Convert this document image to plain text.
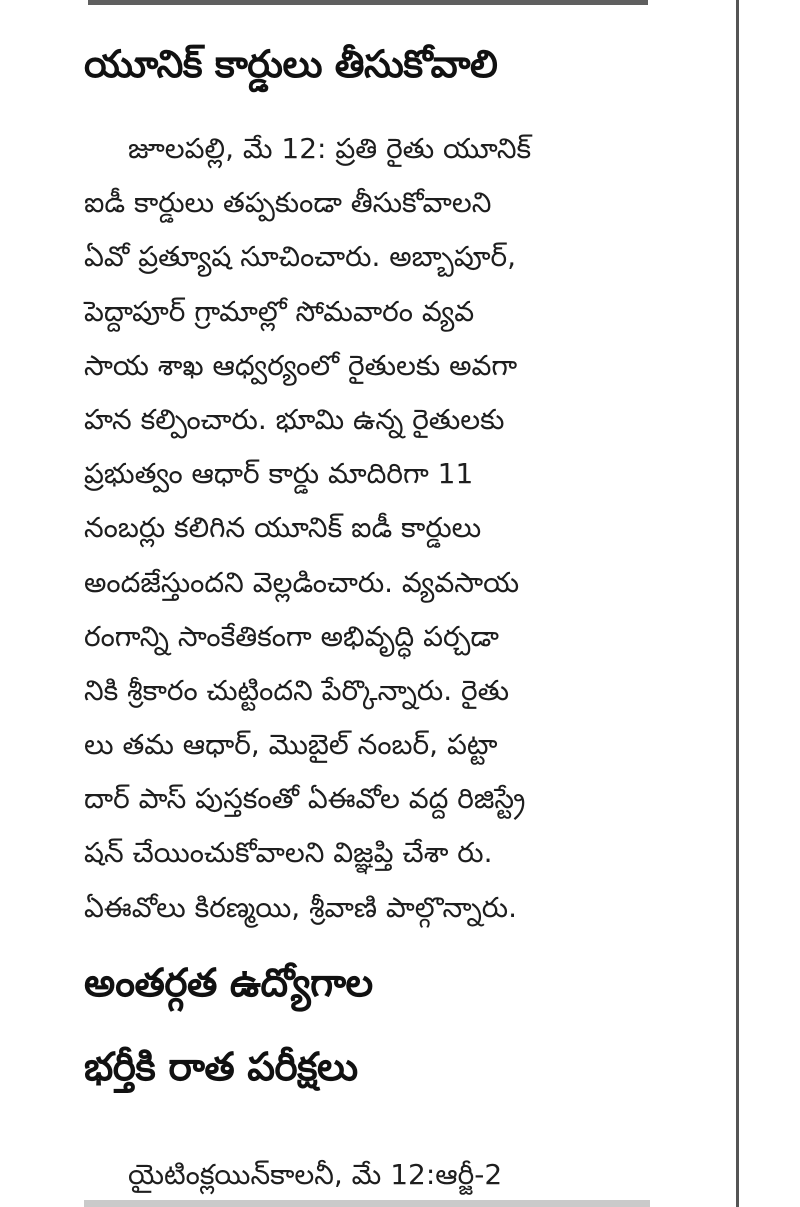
యూనిక్ కార్డులు తీసుకోవాలి
జూలపల్లి, మే 12: ప్రతి రైతు యూనిక్
ఐడీ కార్డులు తప్పకుండా తీసుకోవాలని
ఏవో ప్రత్యూష సూచించారు. అబ్బాపూర్,
పెద్దాపూర్ గ్రామాల్లో సోమవారం వ్యవ
సాయ శాఖ ఆధ్వర్యంలో రైతులకు అవగా
హన కల్పించారు. భూమి ఉన్న రైతులకు
ప్రభుత్వం ఆధార్ కార్డు మాదిరిగా 11
నంబర్లు కలిగిన యూనిక్ ఐడీ కార్డులు
అందజేస్తుందని వెల్లడించారు. వ్యవసాయ
రంగాన్ని సాంకేతికంగా అభివృద్ధి పర్చడా
నికి శ్రీకారం చుట్టిందని పేర్కొన్నారు. రైతు
లు తమ ఆధార్, మొబైల్ నంబర్, పట్టా
దార్ పాస్ పుస్తకంతో ఏఈవోల వద్ద రిజిస్ట్రే
షన్ చేయించుకోవాలని విజ్ఞప్తి చేశా రు.
ఏఈవోలు కిరణ్మయి, శ్రీవాణి పాల్గొన్నారు.
అంతర్గత ఉద్యోగాల
భర్తీకి రాత పరీక్షలు
యైటింక్లయిన్‌కాలనీ, మే 12:ఆర్జీ-2
